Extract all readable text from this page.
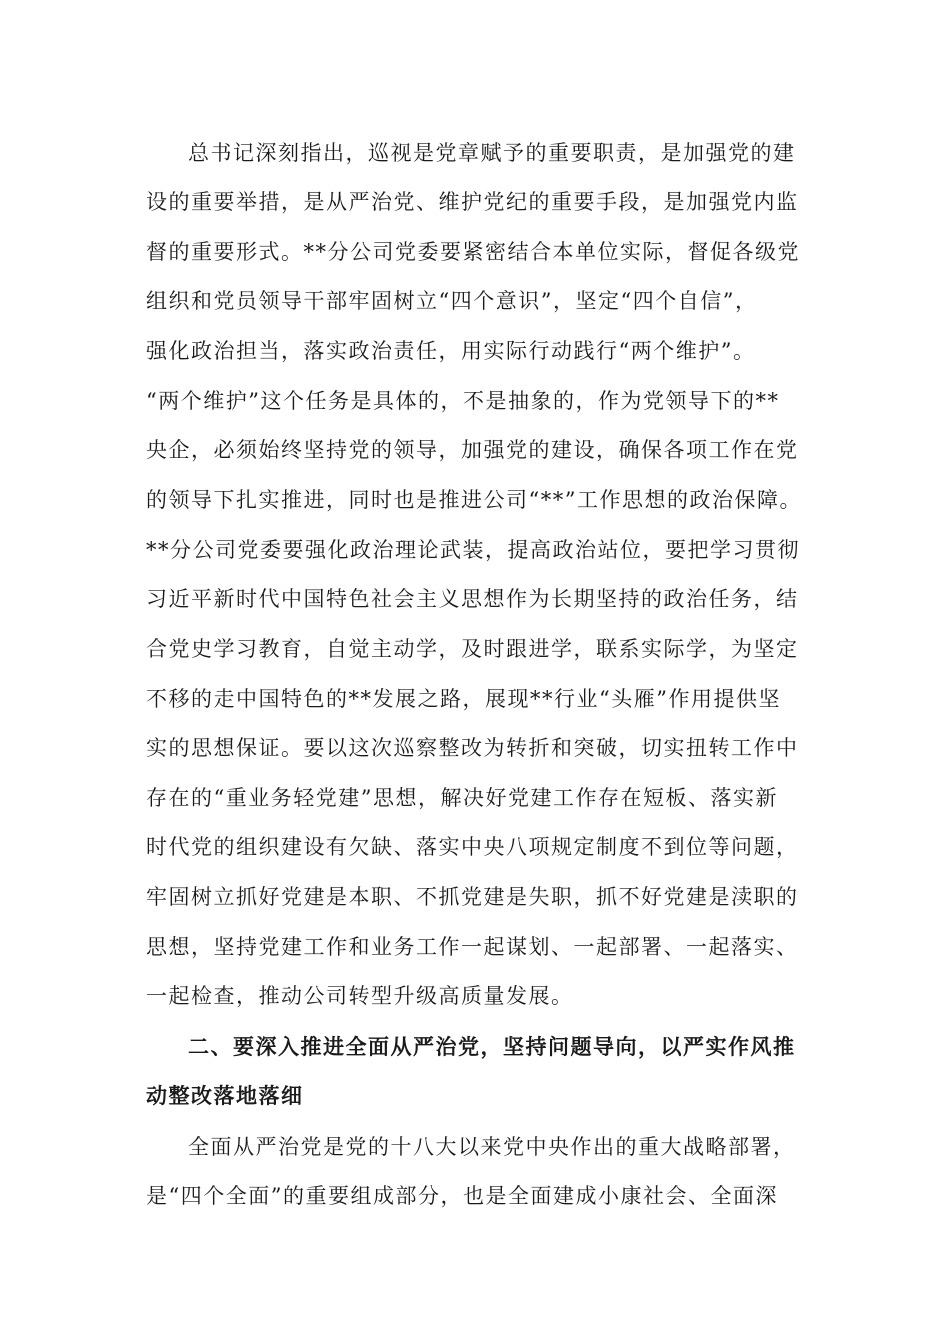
总书记深刻指出，巡视是党章赋予的重要职责，是加强党的建
设的重要举措，是从严治党、维护党纪的重要手段，是加强党内监
督的重要形式。**分公司党委要紧密结合本单位实际，督促各级党
组织和党员领导干部牢固树立“四个意识”，坚定“四个自信”，
强化政治担当，落实政治责任，用实际行动践行“两个维护”。
“两个维护”这个任务是具体的，不是抽象的，作为党领导下的**
央企，必须始终坚持党的领导，加强党的建设，确保各项工作在党
的领导下扎实推进，同时也是推进公司“**”工作思想的政治保障。
**分公司党委要强化政治理论武装，提高政治站位，要把学习贯彻
习近平新时代中国特色社会主义思想作为长期坚持的政治任务，结
合党史学习教育，自觉主动学，及时跟进学，联系实际学，为坚定
不移的走中国特色的**发展之路，展现**行业“头雁”作用提供坚
实的思想保证。要以这次巡察整改为转折和突破，切实扭转工作中
存在的“重业务轻党建”思想，解决好党建工作存在短板、落实新
时代党的组织建设有欠缺、落实中央八项规定制度不到位等问题，
牢固树立抓好党建是本职、不抓党建是失职，抓不好党建是渎职的
思想，坚持党建工作和业务工作一起谋划、一起部署、一起落实、
一起检查，推动公司转型升级高质量发展。
二、要深入推进全面从严治党，坚持问题导向，以严实作风推
动整改落地落细
全面从严治党是党的十八大以来党中央作出的重大战略部署，
是“四个全面”的重要组成部分，也是全面建成小康社会、全面深
